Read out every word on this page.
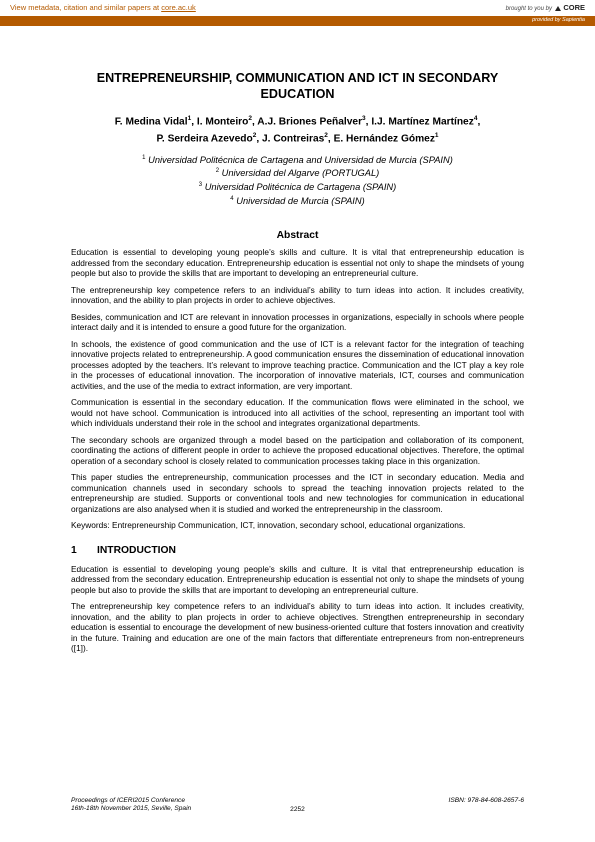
View metadata, citation and similar papers at core.ac.uk	brought to you by  CORE
provided by Sapientia
ENTREPRENEURSHIP, COMMUNICATION AND ICT IN SECONDARY EDUCATION
F. Medina Vidal$^1$, I. Monteiro$^2$, A.J. Briones Peñalver$^3$, I.J. Martínez Martínez$^4$,
P. Serdeira Azevedo$^2$, J. Contreiras$^2$, E. Hernández Gómez$^1$
$^1$ Universidad Politécnica de Cartagena and Universidad de Murcia (SPAIN)
$^2$ Universidad del Algarve (PORTUGAL)
$^3$ Universidad Politécnica de Cartagena (SPAIN)
$^4$ Universidad de Murcia (SPAIN)
Abstract

Education is essential to developing young people’s skills and culture. It is vital that entrepreneurship education is addressed from the secondary education. Entrepreneurship education is essential not only to shape the mindsets of young people but also to provide the skills that are important to developing an entrepreneurial culture.

The entrepreneurship key competence refers to an individual’s ability to turn ideas into action. It includes creativity, innovation, and the ability to plan projects in order to achieve objectives.

Besides, communication and ICT are relevant in innovation processes in organizations, especially in schools where people interact daily and it is intended to ensure a good future for the organization.

In schools, the existence of good communication and the use of ICT is a relevant factor for the integration of teaching innovative projects related to entrepreneurship. A good communication ensures the dissemination of educational innovation processes adopted by the teachers. It’s relevant to improve teaching practice. Communication and the ICT play a key role in the processes of educational innovation. The incorporation of innovative materials, ICT, courses and communication activities, and the use of the media to extract information, are very important.

Communication is essential in the secondary education. If the communication flows were eliminated in the school, we would not have school. Communication is introduced into all activities of the school, representing an important tool with which individuals understand their role in the school and integrates organizational departments.

The secondary schools are organized through a model based on the participation and collaboration of its component, coordinating the actions of different people in order to achieve the proposed educational objectives. Therefore, the optimal operation of a secondary school is closely related to communication processes taking place in this organization.

This paper studies the entrepreneurship, communication processes and the ICT in secondary education. Media and communication channels used in secondary schools to spread the teaching innovation projects related to the entrepreneurship are studied. Supports or conventional tools and new technologies for communication in educational organizations are also analysed when it is studied and worked the entrepreneurship in the classroom.

Keywords: Entrepreneurship Communication, ICT, innovation, secondary school, educational organizations.

1 INTRODUCTION

Education is essential to developing young people’s skills and culture. It is vital that entrepreneurship education is addressed from the secondary education. Entrepreneurship education is essential not only to shape the mindsets of young people but also to provide the skills that are important to developing an entrepreneurial culture.

The entrepreneurship key competence refers to an individual’s ability to turn ideas into action. It includes creativity, innovation, and the ability to plan projects in order to achieve objectives. Strengthen entrepreneurship in secondary education is essential to encourage the development of new business-oriented culture that fosters innovation and creativity in the future. Training and education are one of the main factors that differentiate entrepreneurs from non-entrepreneurs ([1]).

Proceedings of ICERI2015 Conference
16th-18th November 2015, Seville, Spain
ISBN: 978-84-608-2657-6
2252
